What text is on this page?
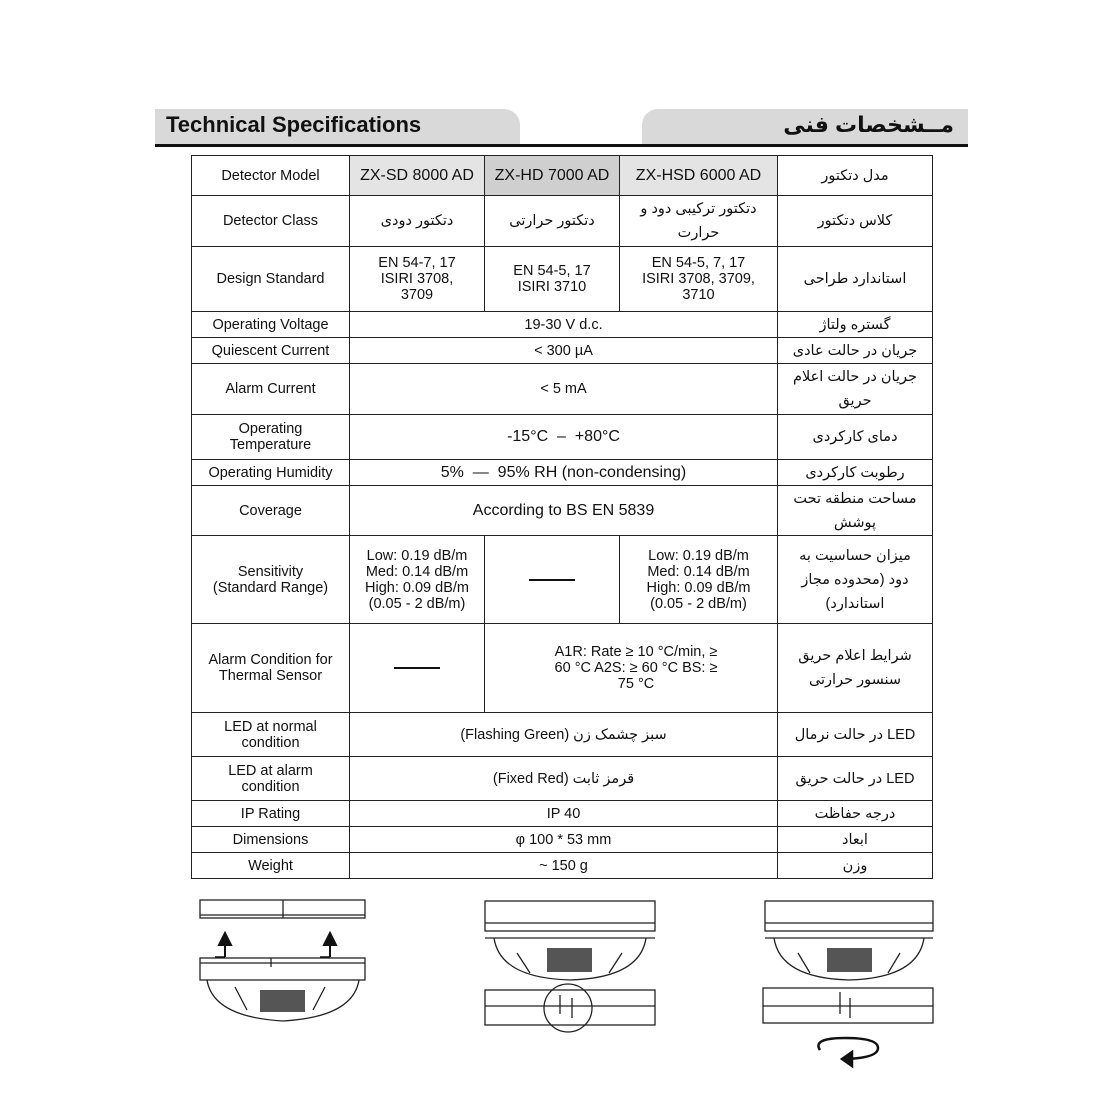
Technical Specifications	مــشخصات فنی
Detector Model	ZX-SD 8000 AD	ZX-HD 7000 AD	ZX-HSD 6000 AD	مدل دتکتور
Detector Class	دتکتور دودی	دتکتور حرارتی	دتکتور ترکیبی دود و حرارت	کلاس دتکتور
Design Standard	EN 54-7, 17 ISIRI 3708, 3709	EN 54-5, 17 ISIRI 3710	EN 54-5, 7, 17 ISIRI 3708, 3709, 3710	استاندارد طراحی
Operating Voltage	19-30 V d.c.			گستره ولتاژ
Quiescent Current	< 300 µA			جریان در حالت عادی
Alarm Current	< 5 mA			جریان در حالت اعلام حریق
Operating Temperature	-15°C  –  +80°C			دمای کارکردی
Operating Humidity	5%  —  95% RH (non-condensing)			رطوبت کارکردی
Coverage	According to BS EN 5839			مساحت منطقه تحت پوشش
Sensitivity (Standard Range)	Low: 0.19 dB/m Med: 0.14 dB/m High: 0.09 dB/m (0.05 - 2 dB/m)		Low: 0.19 dB/m Med: 0.14 dB/m High: 0.09 dB/m (0.05 - 2 dB/m)	میزان حساسیت به دود (محدوده مجاز استاندارد)
Alarm Condition for Thermal Sensor		A1R: Rate ≥ 10 °C/min, ≥ 60 °C A2S: ≥ 60 °C BS: ≥ 75 °C		شرایط اعلام حریق سنسور حرارتی
LED at normal condition	سبز چشمک زن (Flashing Green)			LED در حالت نرمال
LED at alarm condition	قرمز ثابت (Fixed Red)			LED در حالت حریق
IP Rating	IP 40			درجه حفاظت
Dimensions	φ 100 * 53 mm			ابعاد
Weight	~ 150 g			وزن
